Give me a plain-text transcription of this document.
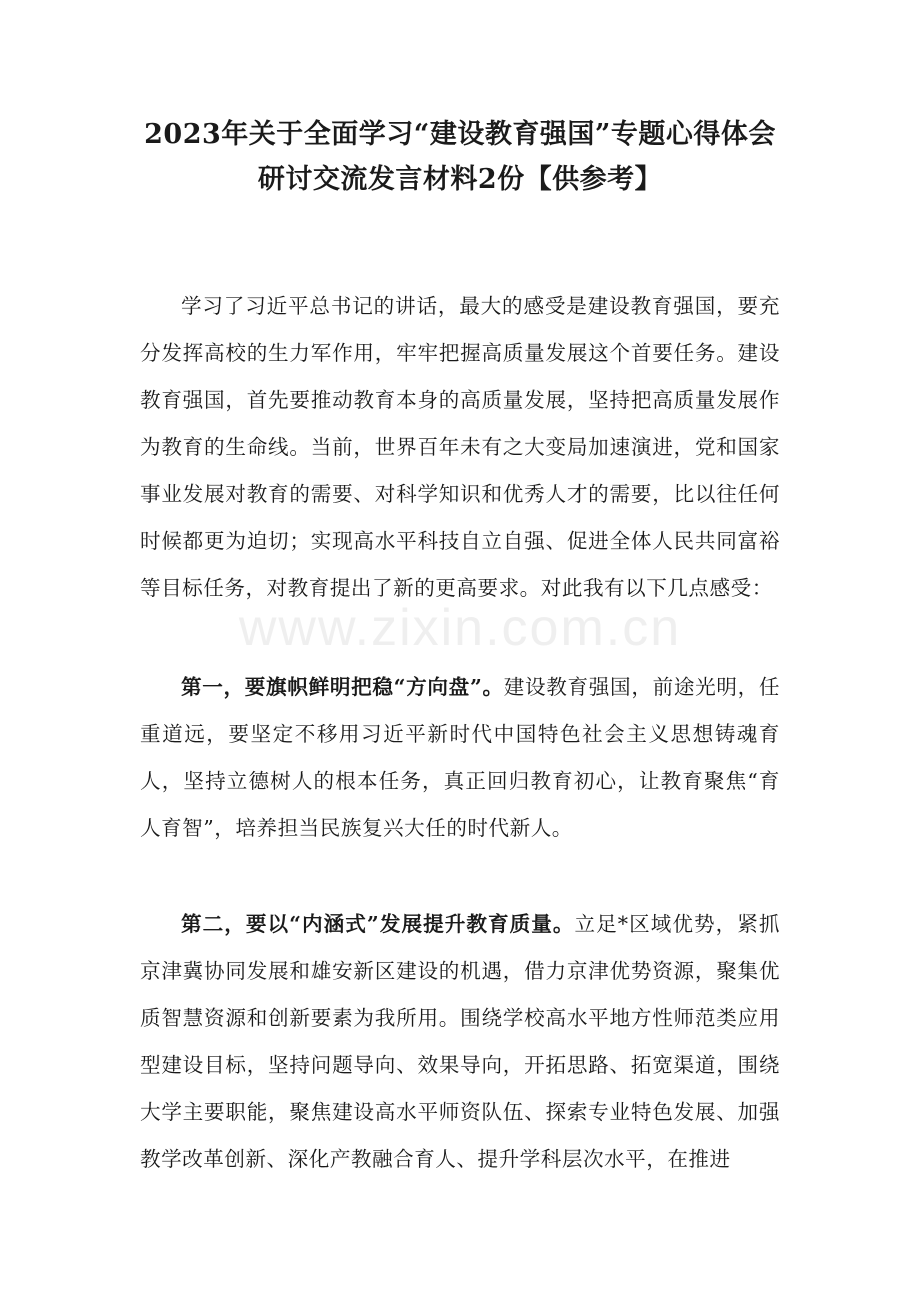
2023年关于全面学习“建设教育强国”专题心得体会
研讨交流发言材料2份【供参考】

学习了习近平总书记的讲话，最大的感受是建设教育强国，要充分发挥高校的生力军作用，牢牢把握高质量发展这个首要任务。建设教育强国，首先要推动教育本身的高质量发展，坚持把高质量发展作为教育的生命线。当前，世界百年未有之大变局加速演进，党和国家事业发展对教育的需要、对科学知识和优秀人才的需要，比以往任何时候都更为迫切；实现高水平科技自立自强、促进全体人民共同富裕等目标任务，对教育提出了新的更高要求。对此我有以下几点感受：

www.zixin.com.cn

第一，要旗帜鲜明把稳“方向盘”。建设教育强国，前途光明，任重道远，要坚定不移用习近平新时代中国特色社会主义思想铸魂育人，坚持立德树人的根本任务，真正回归教育初心，让教育聚焦“育人育智”，培养担当民族复兴大任的时代新人。

第二，要以“内涵式”发展提升教育质量。立足*区域优势，紧抓京津冀协同发展和雄安新区建设的机遇，借力京津优势资源，聚集优质智慧资源和创新要素为我所用。围绕学校高水平地方性师范类应用型建设目标，坚持问题导向、效果导向，开拓思路、拓宽渠道，围绕大学主要职能，聚焦建设高水平师资队伍、探索专业特色发展、加强教学改革创新、深化产教融合育人、提升学科层次水平，在推进
